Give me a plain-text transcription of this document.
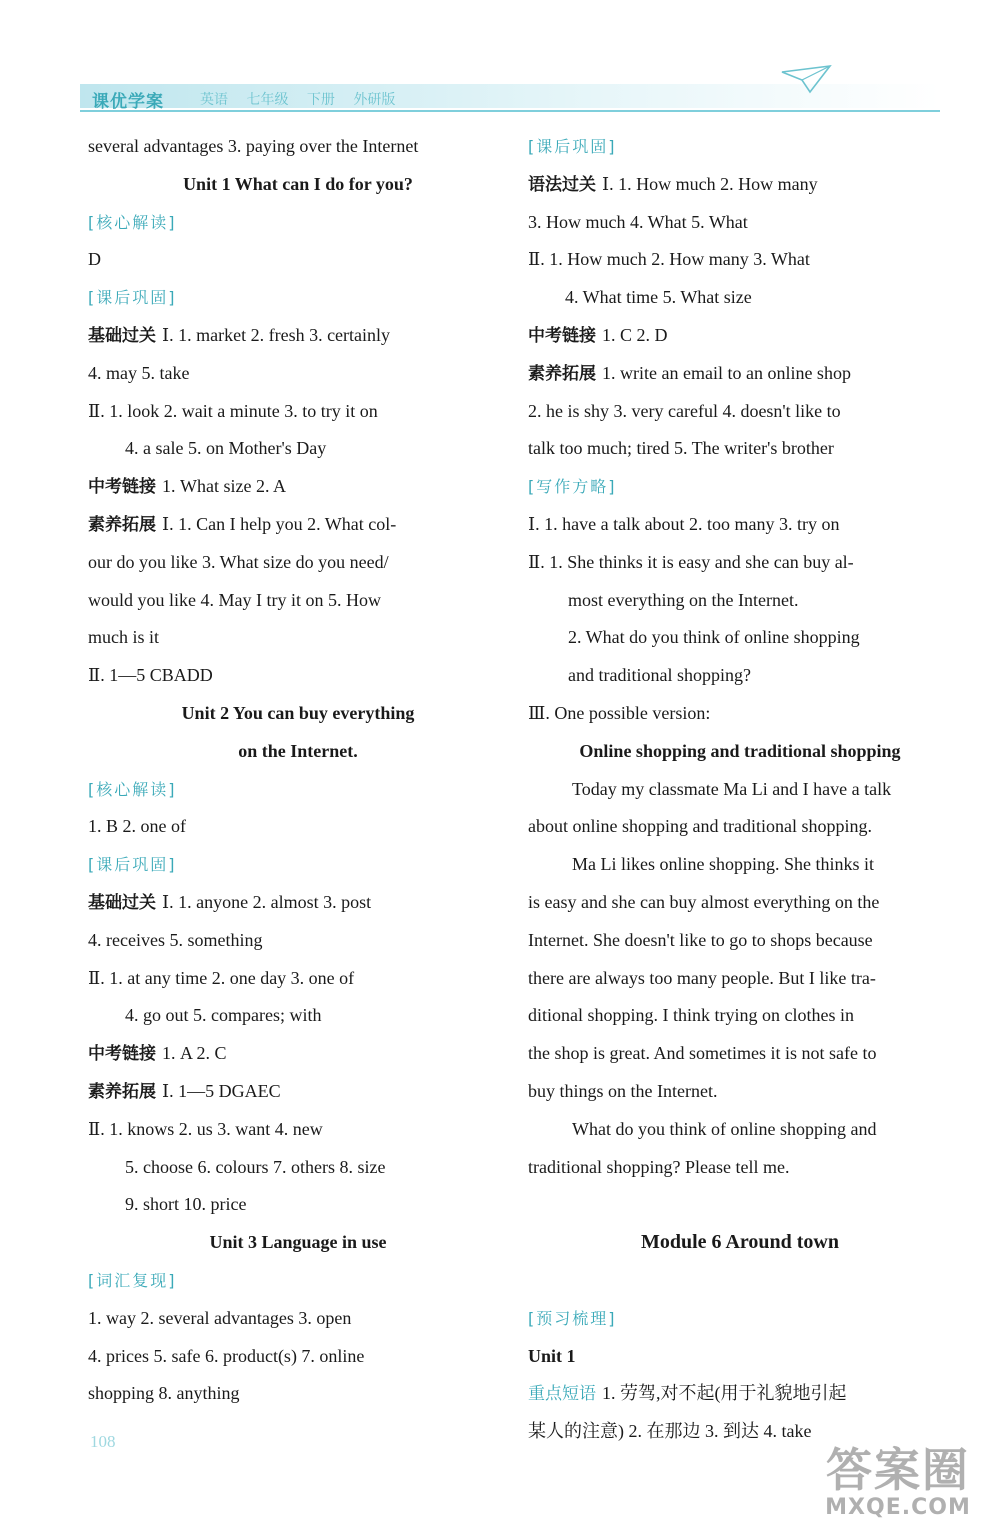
课优学案	英语 七年级 下册 外研版
several advantages 3. paying over the Internet
Unit 1 What can I do for you?
[核心解读]
D
[课后巩固]
基础过关 Ⅰ. 1. market 2. fresh 3. certainly
4. may 5. take
Ⅱ. 1. look 2. wait a minute 3. to try it on
4. a sale 5. on Mother's Day
中考链接 1. What size 2. A
素养拓展 Ⅰ. 1. Can I help you 2. What col-
our do you like 3. What size do you need/
would you like 4. May I try it on 5. How
much is it
Ⅱ. 1—5 CBADD
Unit 2 You can buy everything
on the Internet.
[核心解读]
1. B 2. one of
[课后巩固]
基础过关 Ⅰ. 1. anyone 2. almost 3. post
4. receives 5. something
Ⅱ. 1. at any time 2. one day 3. one of
4. go out 5. compares; with
中考链接 1. A 2. C
素养拓展 Ⅰ. 1—5 DGAEC
Ⅱ. 1. knows 2. us 3. want 4. new
5. choose 6. colours 7. others 8. size
9. short 10. price
Unit 3 Language in use
[词汇复现]
1. way 2. several advantages 3. open
4. prices 5. safe 6. product(s) 7. online
shopping 8. anything
[课后巩固]
语法过关 Ⅰ. 1. How much 2. How many
3. How much 4. What 5. What
Ⅱ. 1. How much 2. How many 3. What
4. What time 5. What size
中考链接 1. C 2. D
素养拓展 1. write an email to an online shop
2. he is shy 3. very careful 4. doesn't like to
talk too much; tired 5. The writer's brother
[写作方略]
Ⅰ. 1. have a talk about 2. too many 3. try on
Ⅱ. 1. She thinks it is easy and she can buy al-
most everything on the Internet.
2. What do you think of online shopping
and traditional shopping?
Ⅲ. One possible version:
Online shopping and traditional shopping
Today my classmate Ma Li and I have a talk
about online shopping and traditional shopping.
Ma Li likes online shopping. She thinks it
is easy and she can buy almost everything on the
Internet. She doesn't like to go to shops because
there are always too many people. But I like tra-
ditional shopping. I think trying on clothes in
the shop is great. And sometimes it is not safe to
buy things on the Internet.
What do you think of online shopping and
traditional shopping? Please tell me.
Module 6 Around town
[预习梳理]
Unit 1
重点短语 1. 劳驾,对不起(用于礼貌地引起
某人的注意) 2. 在那边 3. 到达 4. take
108
答案圈
MXQE.COM
